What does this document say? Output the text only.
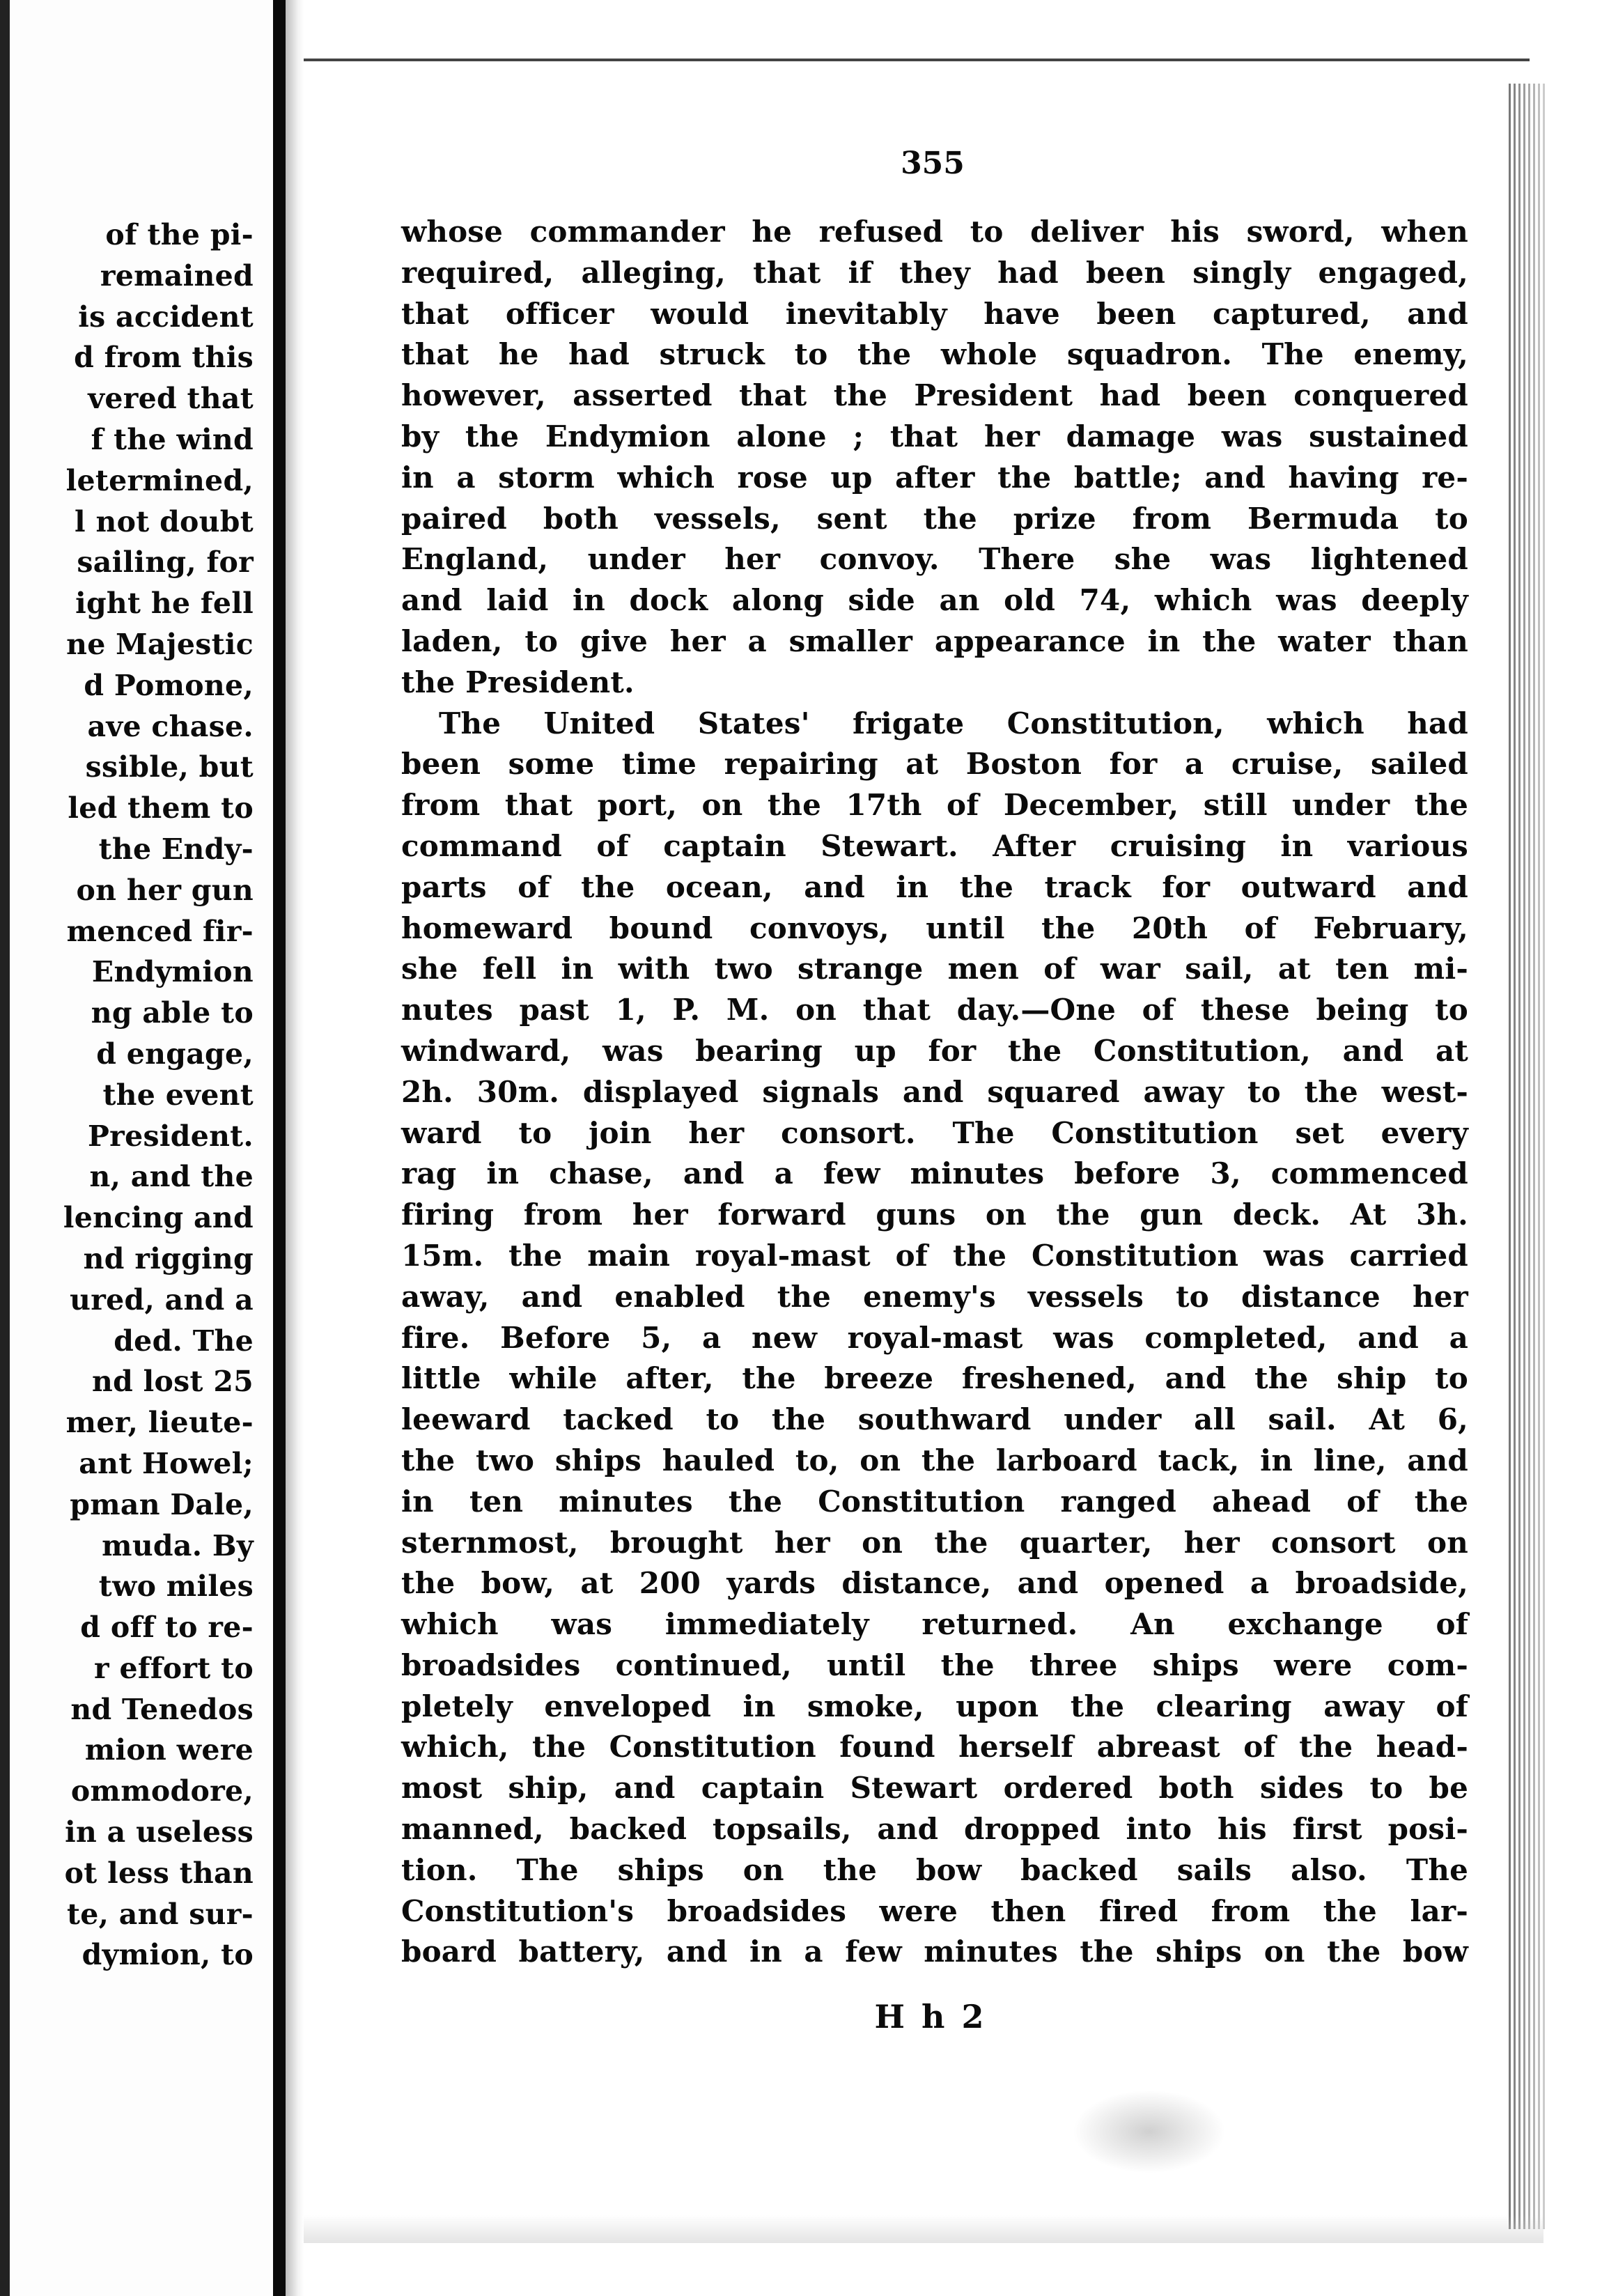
of the pi-
remained
is accident
d from this
vered that
f the wind
letermined,
l not doubt
sailing, for
ight he fell
ne Majestic
d Pomone,
ave chase.
ssible, but
led them to
the Endy-
on her gun
menced fir-
Endymion
ng able to
d engage,
the event
President.
n, and the
lencing and
nd rigging
ured, and a
ded. The
nd lost 25
mer, lieute-
ant Howel;
pman Dale,
muda. By
two miles
d off to re-
r effort to
nd Tenedos
mion were
ommodore,
in a useless
ot less than
te, and sur-
dymion, to
355
whose commander he refused to deliver his sword, when
required, alleging, that if they had been singly engaged,
that officer would inevitably have been captured, and
that he had struck to the whole squadron. The enemy,
however, asserted that the President had been conquered
by the Endymion alone ; that her damage was sustained
in a storm which rose up after the battle; and having re-
paired both vessels, sent the prize from Bermuda to
England, under her convoy. There she was lightened
and laid in dock along side an old 74, which was deeply
laden, to give her a smaller appearance in the water than
the President.
The United States' frigate Constitution, which had
been some time repairing at Boston for a cruise, sailed
from that port, on the 17th of December, still under the
command of captain Stewart. After cruising in various
parts of the ocean, and in the track for outward and
homeward bound convoys, until the 20th of February,
she fell in with two strange men of war sail, at ten mi-
nutes past 1, P. M. on that day.—One of these being to
windward, was bearing up for the Constitution, and at
2h. 30m. displayed signals and squared away to the west-
ward to join her consort. The Constitution set every
rag in chase, and a few minutes before 3, commenced
firing from her forward guns on the gun deck. At 3h.
15m. the main royal-mast of the Constitution was carried
away, and enabled the enemy's vessels to distance her
fire. Before 5, a new royal-mast was completed, and a
little while after, the breeze freshened, and the ship to
leeward tacked to the southward under all sail. At 6,
the two ships hauled to, on the larboard tack, in line, and
in ten minutes the Constitution ranged ahead of the
sternmost, brought her on the quarter, her consort on
the bow, at 200 yards distance, and opened a broadside,
which was immediately returned. An exchange of
broadsides continued, until the three ships were com-
pletely enveloped in smoke, upon the clearing away of
which, the Constitution found herself abreast of the head-
most ship, and captain Stewart ordered both sides to be
manned, backed topsails, and dropped into his first posi-
tion. The ships on the bow backed sails also. The
Constitution's broadsides were then fired from the lar-
board battery, and in a few minutes the ships on the bow
H h 2
